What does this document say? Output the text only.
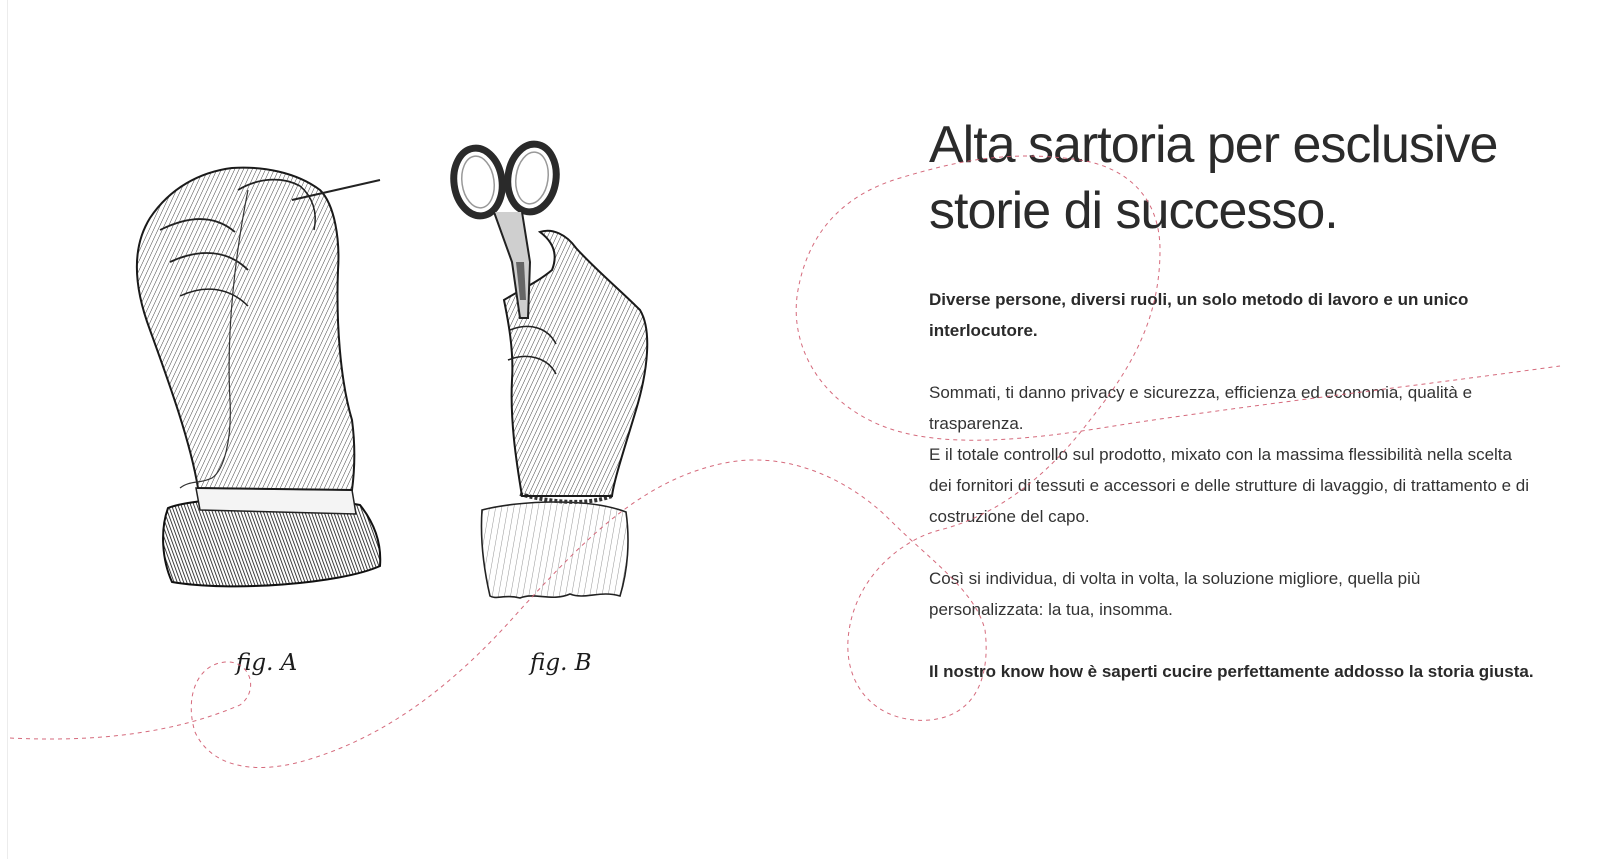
fig. A	fig. B
Alta sartoria per esclusive
storie di successo.

Diverse persone, diversi ruoli, un solo metodo di lavoro e un unico interlocutore.

Sommati, ti danno privacy e sicurezza, efficienza ed economia, qualità e trasparenza.
E il totale controllo sul prodotto, mixato con la massima flessibilità nella scelta dei fornitori di tessuti e accessori e delle strutture di lavaggio, di trattamento e di costruzione del capo.

Così si individua, di volta in volta, la soluzione migliore, quella più personalizzata: la tua, insomma.

Il nostro know how è saperti cucire perfettamente addosso la storia giusta.
